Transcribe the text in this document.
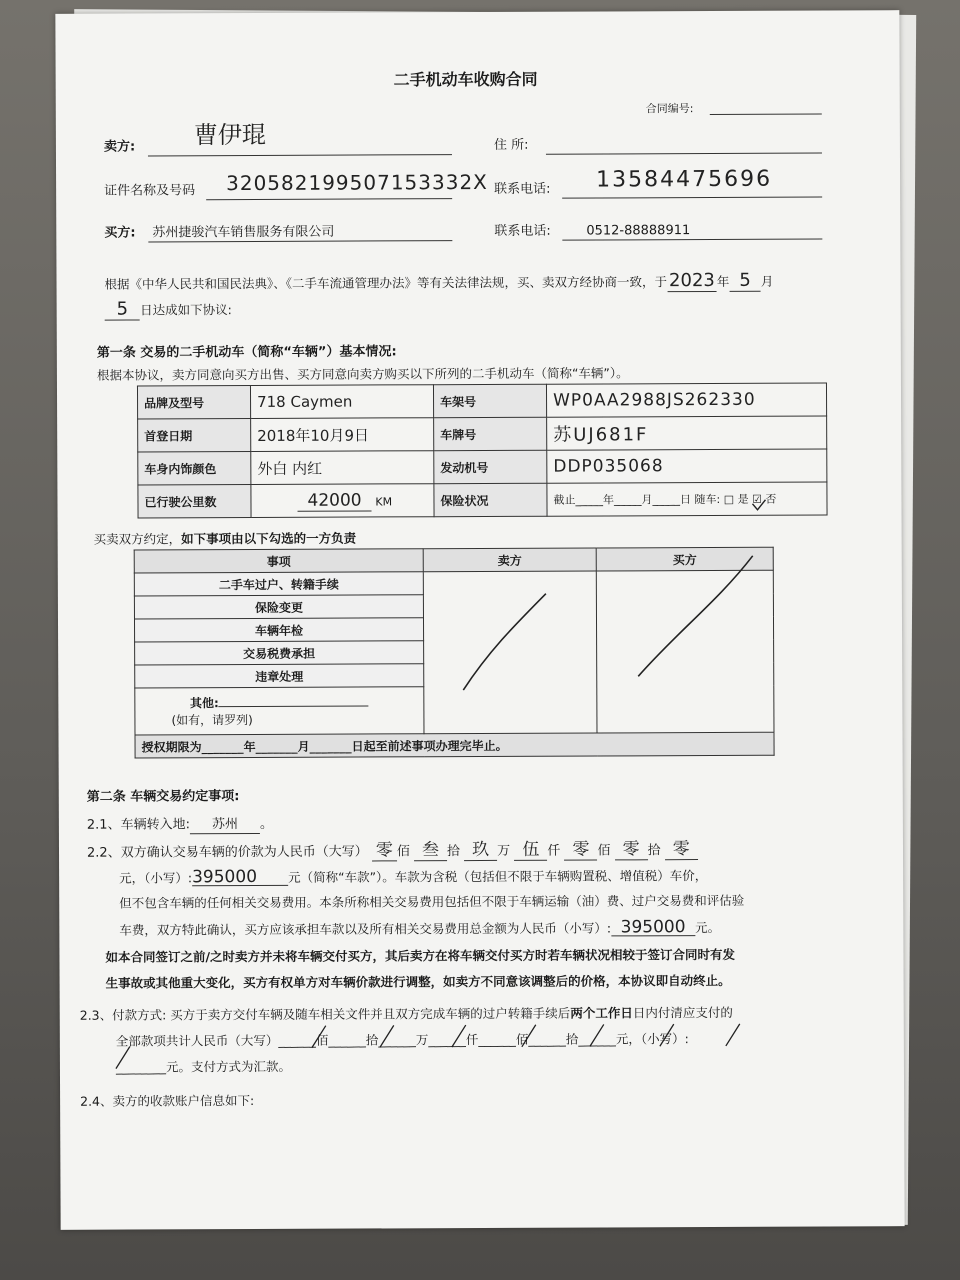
二手机动车收购合同
合同编号:
卖方: 曹伊琨	住 所:
证件名称及号码 320582199507153332X 联系电话: 13584475696
买方: 苏州捷骏汽车销售服务有限公司	联系电话:	0512-88888911
根据《中华人民共和国民法典》、《二手车流通管理办法》等有关法律法规，买、卖双方经协商一致，于 2023 年 5 月
5 日达成如下协议:
第一条 交易的二手机动车（简称“车辆”）基本情况:
根据本协议，卖方同意向买方出售、买方同意向卖方购买以下所列的二手机动车（简称“车辆”）。
品牌及型号	718 Caymen	车架号	WP0AA2988JS262330
首登日期	2018年10月9日	车牌号	苏UJ681F
车身内饰颜色	外白 内红	发动机号	DDP035068
已行驶公里数	42000 KM	保险状况	截止_____年_____月_____日 随车: □ 是 ☑ 否
买卖双方约定，如下事项由以下勾选的一方负责
事项	卖方	买方
二手车过户、转籍手续		
保险变更		
车辆年检		
交易税费承担		
违章处理		

其他:
(如有，请罗列)		

授权期限为_______年_______月_______日起至前述事项办理完毕止。		
第二条 车辆交易约定事项:
2.1、车辆转入地: 苏州 。
2.2、双方确认交易车辆的价款为人民币（大写） 零 佰 叁 拾 玖 万 伍 仟 零 佰 零 拾 零
元，（小写）:395000 元（简称“车款”）。车款为含税（包括但不限于车辆购置税、增值税）车价，
但不包含车辆的任何相关交易费用。本条所称相关交易费用包括但不限于车辆运输（油）费、过户交易费和评估验
车费，双方特此确认，买方应该承担车款以及所有相关交易费用总金额为人民币（小写）: 395000 元。
如本合同签订之前/之时卖方并未将车辆交付买方，其后卖方在将车辆交付买方时若车辆状况相较于签订合同时有发
生事故或其他重大变化，买方有权单方对车辆价款进行调整，如卖方不同意该调整后的价格，本协议即自动终止。
2.3、付款方式: 买方于卖方交付车辆及随车相关文件并且双方完成车辆的过户转籍手续后两个工作日日内付清应支付的
全部款项共计人民币（大写）______佰______拾______万______仟______佰______拾______元，（小写）:
________元。支付方式为汇款。
2.4、卖方的收款账户信息如下:
